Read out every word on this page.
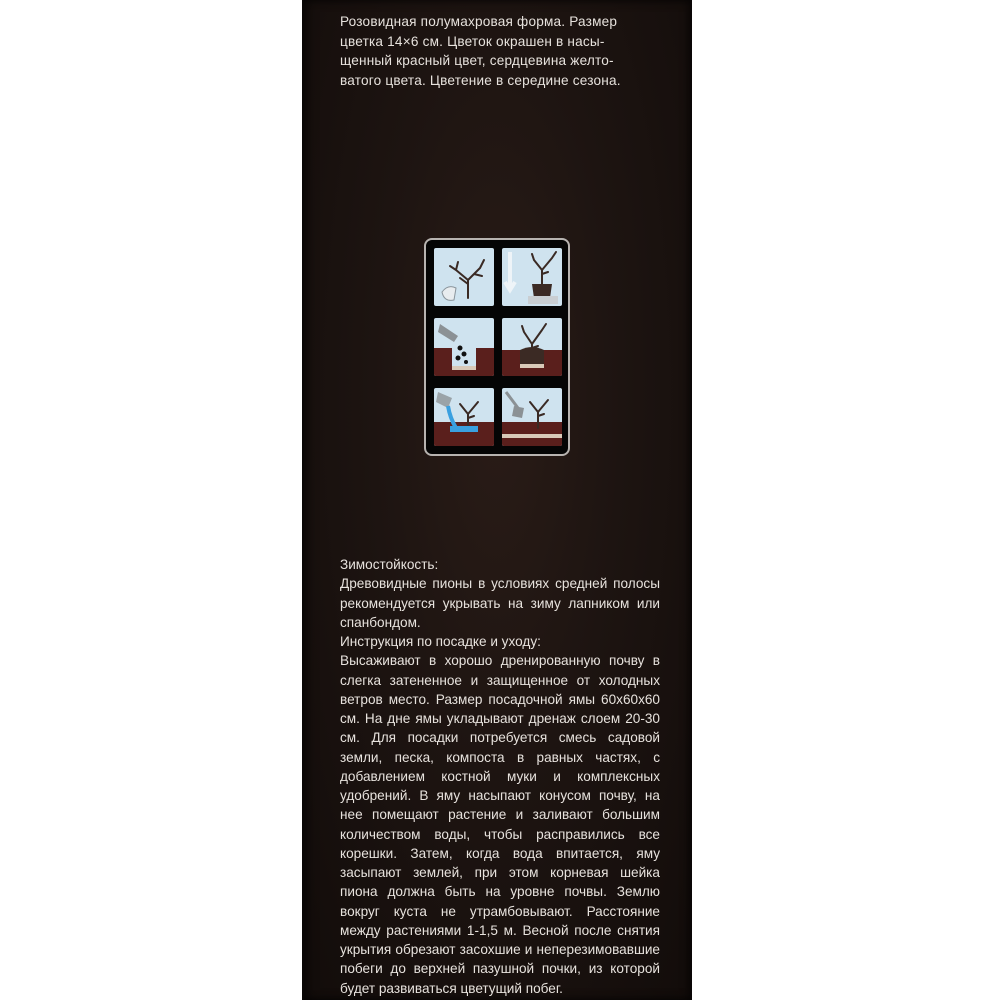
Розовидная полумахровая форма. Размер
цветка 14×6 см. Цветок окрашен в насы-
щенный красный цвет, сердцевина желто-
ватого цвета. Цветение в середине сезона.

Зимостойкость:

Древовидные пионы в условиях средней полосы рекомендуется укрывать на зиму лапником или спанбондом.

Инструкция по посадке и уходу:

Высаживают в хорошо дренированную почву в слегка затененное и защищенное от холодных ветров место. Размер посадочной ямы 60х60х60 см. На дне ямы укладывают дренаж слоем 20-30 см. Для посадки потребуется смесь садовой земли, песка, компоста в равных частях, с добавлением костной муки и комплексных удобрений. В яму насыпают конусом почву, на нее помещают растение и заливают большим количеством воды, чтобы расправились все корешки. Затем, когда вода впитается, яму засыпают землей, при этом корневая шейка пиона должна быть на уровне почвы. Землю вокруг куста не утрамбовывают. Расстояние между растениями 1-1,5 м. Весной после снятия укрытия обрезают засохшие и неперезимовавшие побеги до верхней пазушной почки, из которой будет развиваться цветущий побег.
